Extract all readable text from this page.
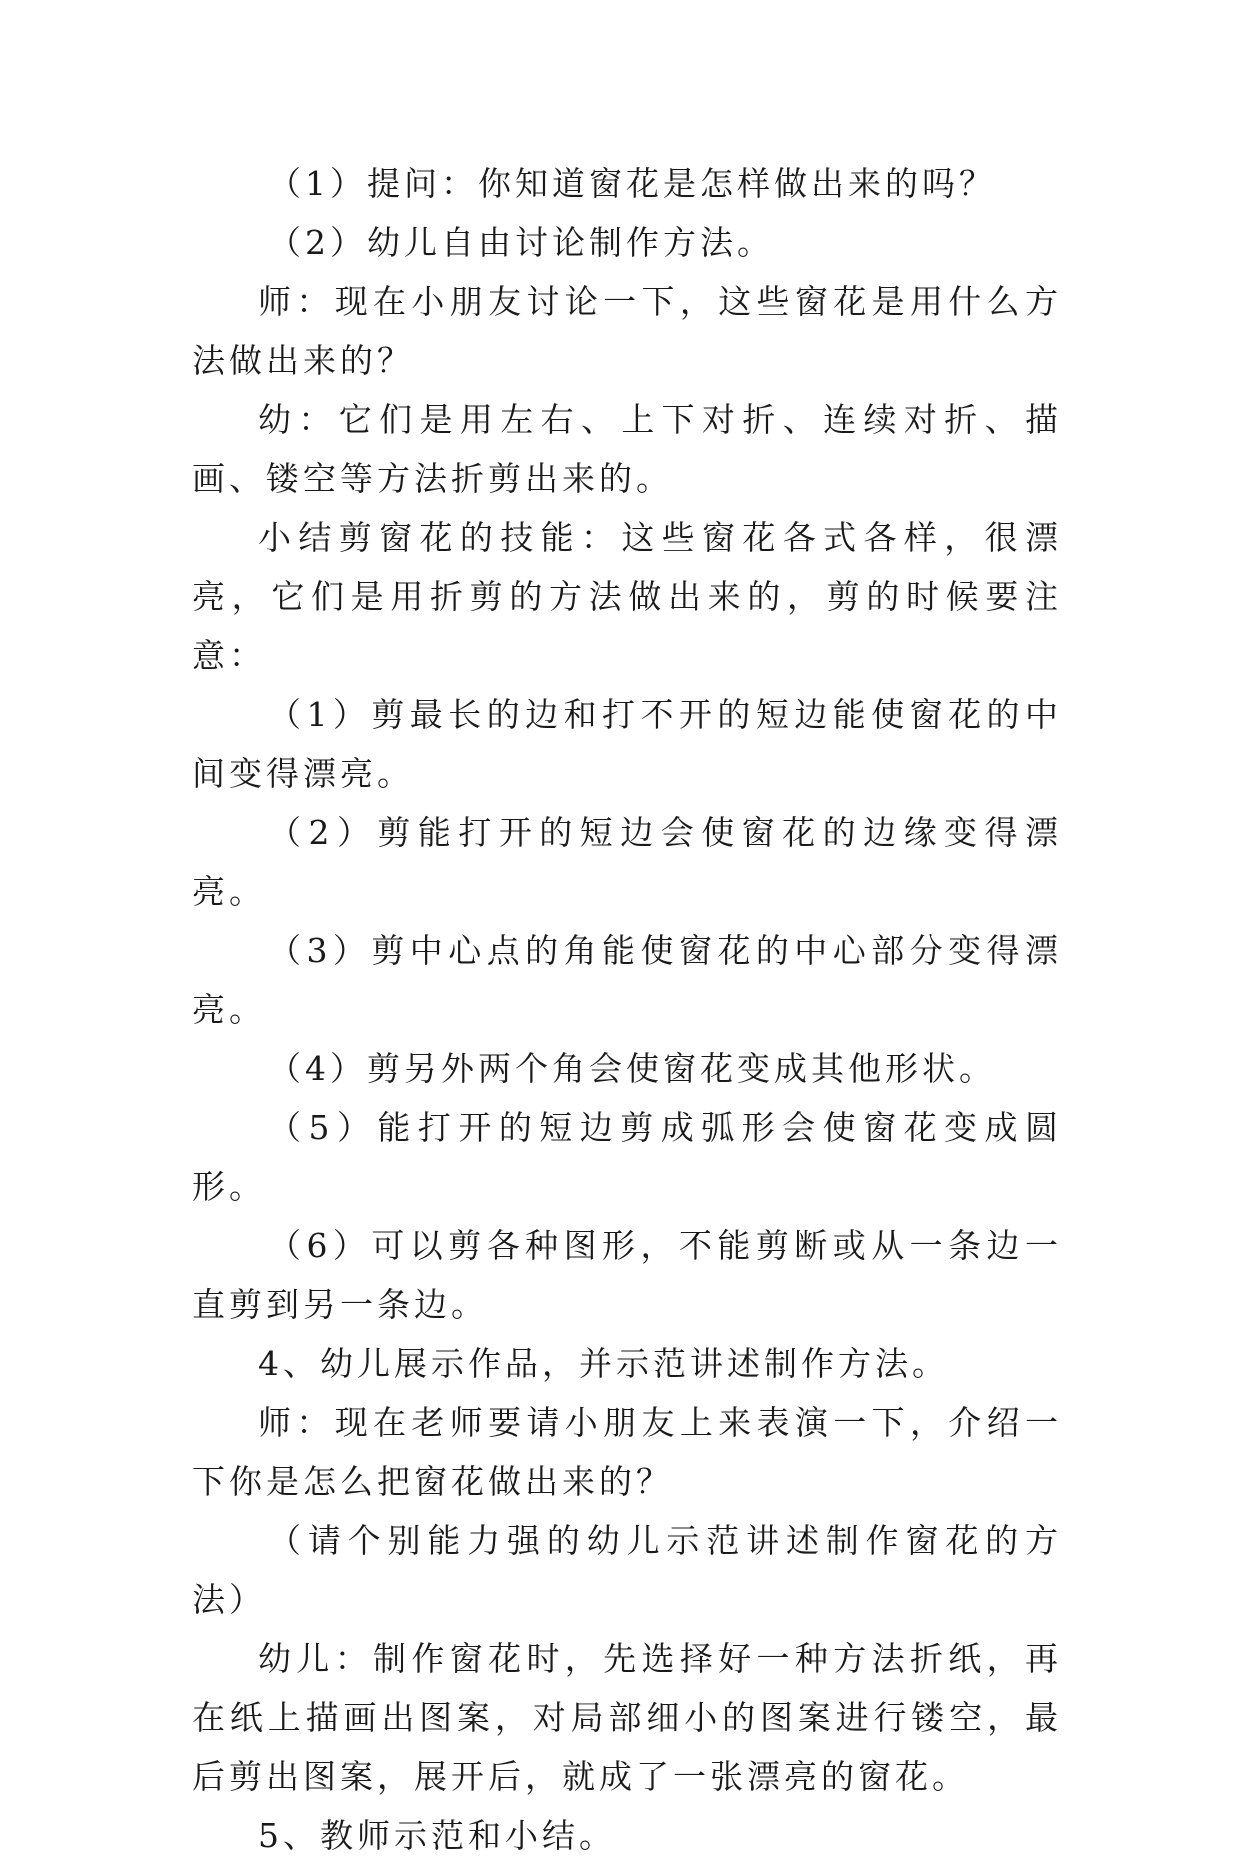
（1）提问：你知道窗花是怎样做出来的吗？

（2）幼儿自由讨论制作方法。

师：现在小朋友讨论一下，这些窗花是用什么方法做出来的？

幼：它们是用左右、上下对折、连续对折、描画、镂空等方法折剪出来的。

小结剪窗花的技能：这些窗花各式各样，很漂亮，它们是用折剪的方法做出来的，剪的时候要注意：

（1）剪最长的边和打不开的短边能使窗花的中间变得漂亮。

（2）剪能打开的短边会使窗花的边缘变得漂亮。

（3）剪中心点的角能使窗花的中心部分变得漂亮。

（4）剪另外两个角会使窗花变成其他形状。

（5）能打开的短边剪成弧形会使窗花变成圆形。

（6）可以剪各种图形，不能剪断或从一条边一直剪到另一条边。

4、幼儿展示作品，并示范讲述制作方法。

师：现在老师要请小朋友上来表演一下，介绍一下你是怎么把窗花做出来的？

（请个别能力强的幼儿示范讲述制作窗花的方法）

幼儿：制作窗花时，先选择好一种方法折纸，再在纸上描画出图案，对局部细小的图案进行镂空，最后剪出图案，展开后，就成了一张漂亮的窗花。

5、教师示范和小结。
